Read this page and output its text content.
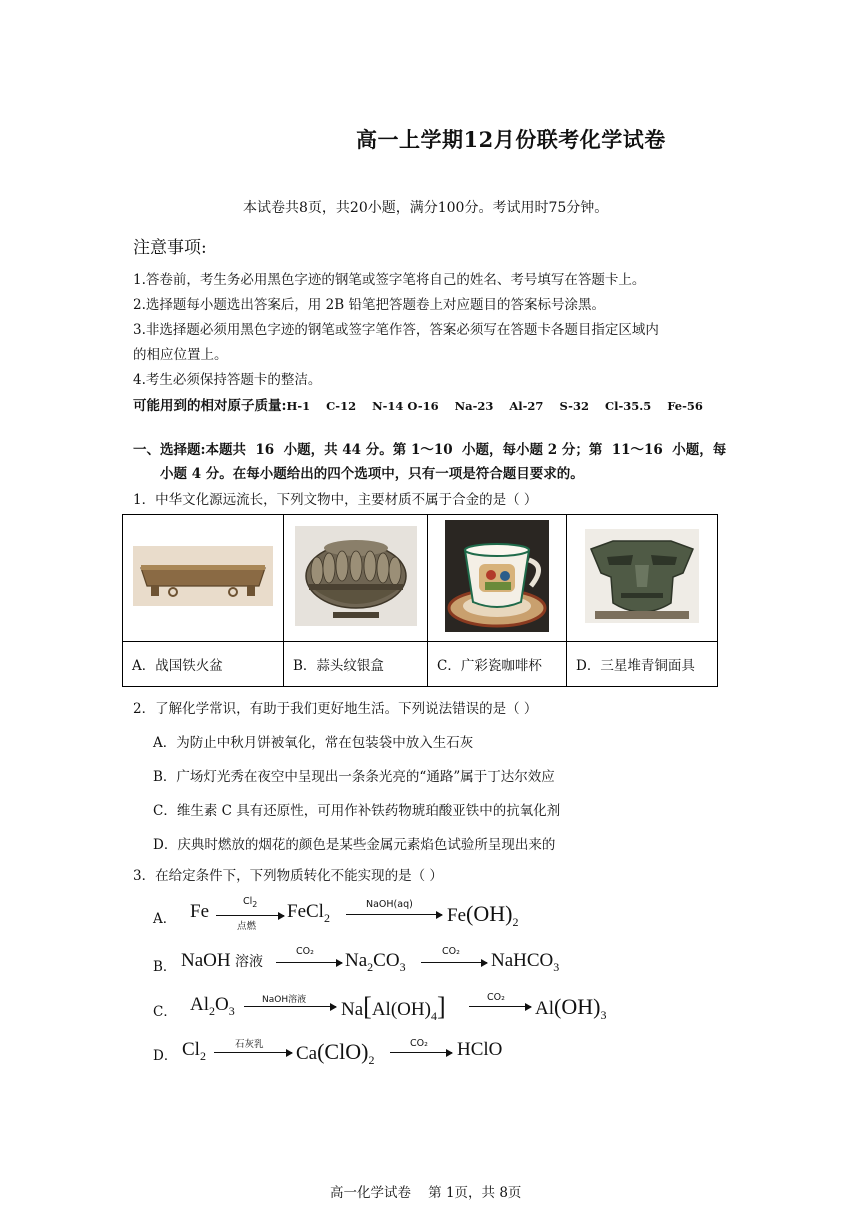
高一上学期12月份联考化学试卷
本试卷共8页，共20小题，满分100分。考试用时75分钟。
注意事项:
1.答卷前，考生务必用黑色字迹的钢笔或签字笔将自己的姓名、考号填写在答题卡上。
2.选择题每小题选出答案后，用 2B 铅笔把答题卷上对应题目的答案标号涂黑。
3.非选择题必须用黑色字迹的钢笔或签字笔作答，答案必须写在答题卡各题目指定区域内
的相应位置上。
4.考生必须保持答题卡的整洁。
可能用到的相对原子质量:H-1    C-12    N-14 O-16    Na-23    Al-27    S-32    Cl-35.5    Fe-56
一、选择题:本题共  16  小题，共 44 分。第 1～10  小题，每小题 2 分；第  11～16  小题，每
小题 4 分。在每小题给出的四个选项中，只有一项是符合题目要求的。
1．中华文化源远流长，下列文物中，主要材质不属于合金的是（ ）

A．战国铁火盆	B．蒜头纹银盒	C．广彩瓷咖啡杯	D．三星堆青铜面具
2．了解化学常识，有助于我们更好地生活。下列说法错误的是（ ）
A．为防止中秋月饼被氧化，常在包装袋中放入生石灰
B．广场灯光秀在夜空中呈现出一条条光亮的“通路”属于丁达尔效应
C．维生素 C 具有还原性，可用作补铁药物琥珀酸亚铁中的抗氧化剂
D．庆典时燃放的烟花的颜色是某些金属元素焰色试验所呈现出来的
3．在给定条件下，下列物质转化不能实现的是（ ）
A． Fe	$Cl_2$
点燃
FeCl$_2$
NaOH(aq)
$Fe(OH)_2$
B． NaOH 溶液
CO₂ $Na_2CO_3$
CO₂ NaHCO$_3$
C． $Al_2O_3$
NaOH溶液 $Na[Al(OH)_4]$	CO₂
$Al(OH)_3$
D． $Cl_2$
石灰乳 $Ca(ClO)_2$
CO₂ HClO
高一化学试卷    第 1页，共 8页
